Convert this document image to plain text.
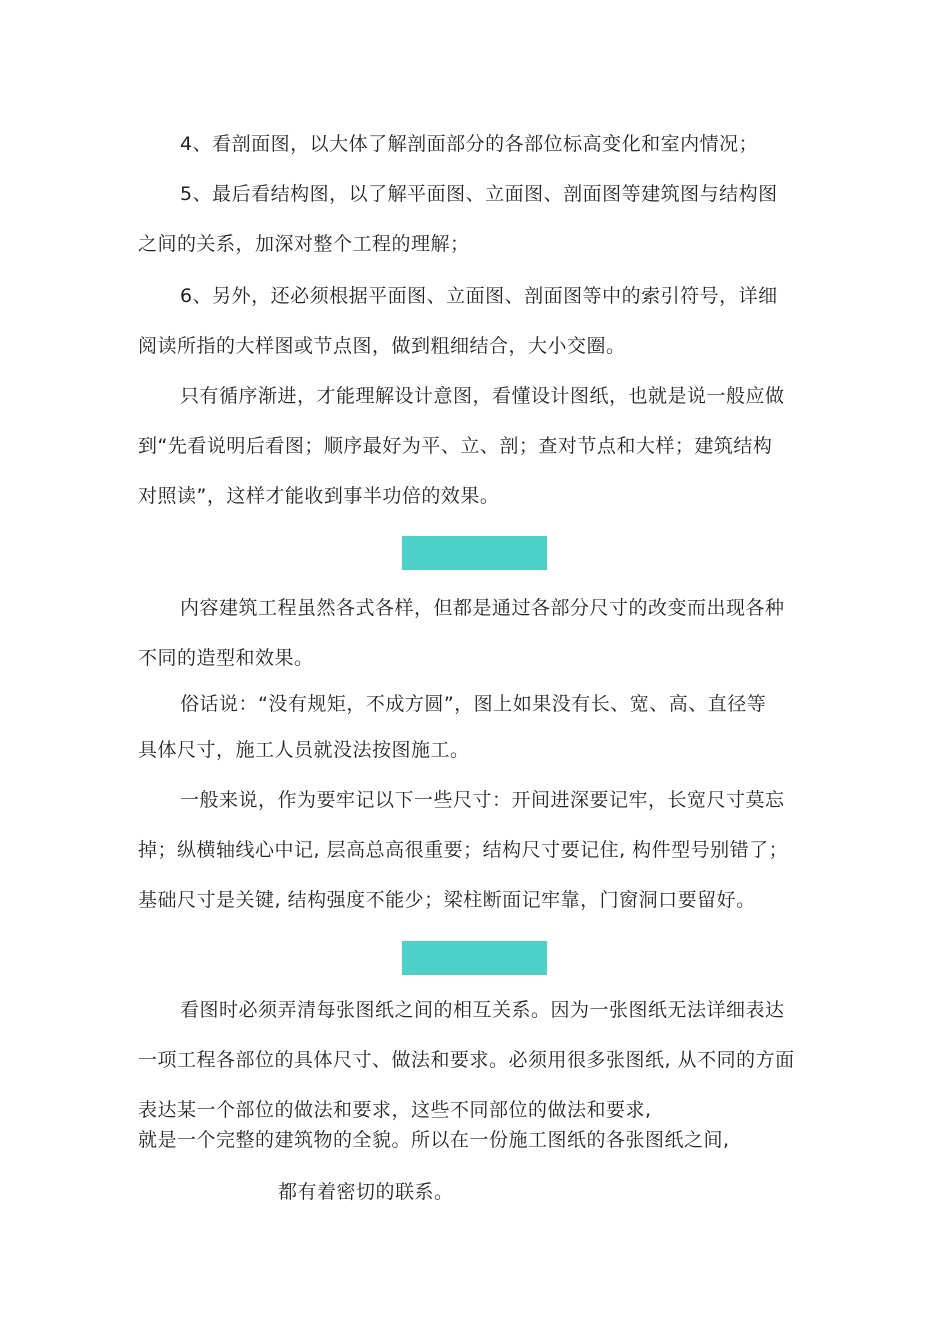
4、看剖面图，以大体了解剖面部分的各部位标高变化和室内情况；
5、最后看结构图，以了解平面图、立面图、剖面图等建筑图与结构图
之间的关系，加深对整个工程的理解；
6、另外，还必须根据平面图、立面图、剖面图等中的索引符号，详细
阅读所指的大样图或节点图，做到粗细结合，大小交圈。
只有循序渐进，才能理解设计意图，看懂设计图纸，也就是说一般应做
到“先看说明后看图；顺序最好为平、立、剖；查对节点和大样；建筑结构
对照读”，这样才能收到事半功倍的效果。
内容建筑工程虽然各式各样，但都是通过各部分尺寸的改变而出现各种
不同的造型和效果。
俗话说：“没有规矩，不成方圆”，图上如果没有长、宽、高、直径等
具体尺寸，施工人员就没法按图施工。
一般来说，作为要牢记以下一些尺寸：开间进深要记牢，长宽尺寸莫忘
掉；纵横轴线心中记, 层高总高很重要；结构尺寸要记住, 构件型号别错了；
基础尺寸是关键, 结构强度不能少；梁柱断面记牢靠，门窗洞口要留好。
看图时必须弄清每张图纸之间的相互关系。因为一张图纸无法详细表达
一项工程各部位的具体尺寸、做法和要求。必须用很多张图纸, 从不同的方面
表达某一个部位的做法和要求，这些不同部位的做法和要求,
就是一个完整的建筑物的全貌。所以在一份施工图纸的各张图纸之间,
都有着密切的联系。
